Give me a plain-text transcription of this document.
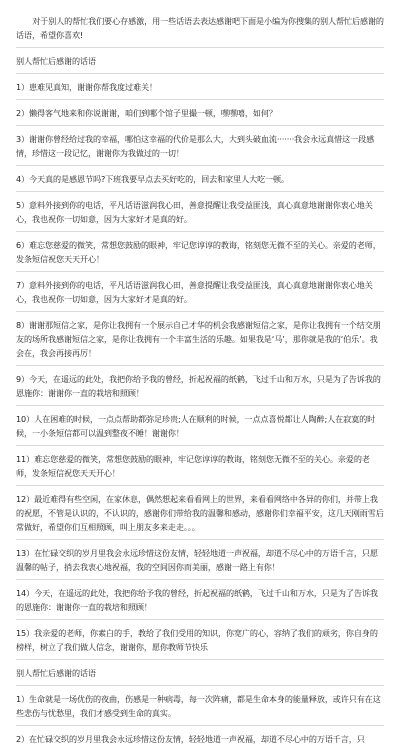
对于别人的帮忙我们要心存感激，用一些话语去表达感谢吧下面是小编为你搜集的别人帮忙后感谢的话语，希望你喜欢!

别人帮忙后感谢的话语

1）患难见真知，谢谢你帮我度过难关！

2）懒得客气地来和你说谢谢，咱们到哪个馆子里撮一顿，嘿嘿嘻，如何？

3）谢谢你曾经给过我的幸福，哪怕这幸福的代价是那么大，大到头破血流·······我会永远真惜这一段感情，珍惜这一段记忆，谢谢你为我做过的一切！

4）今天真的是感恩节吗?下班我要早点去买好吃的，回去和家里人大吃一顿。

5）意料外接到你的电话，平凡话语滋润我心田，善意提醒让我受益匪浅，真心真意地谢谢你衷心地关心，我也祝你一切如意，因为大家好才是真的好。

6）难忘您慈爱的微笑，常想您鼓励的眼神，牢记您谆谆的教诲，铭刻您无微不至的关心。亲爱的老师，发条短信祝您天天开心！

7）意料外接到你的电话，平凡话语滋润我心田，善意提醒让我受益匪浅，真心真意地谢谢你衷心地关心，我也祝你一切如意，因为大家好才是真的好。

8）谢谢那短信之家，是你让我拥有一个展示自己才华的机会我感谢短信之家，是你让我拥有一个结交朋友的场所我感谢短信之家，是你让我拥有一个丰富生活的乐趣。如果我是‘马’，那你就是我的‘伯乐’。我会在，我会再接再厉！

9）今天，在遥远的此处，我把你给予我的曾经，折起祝福的纸鹤，飞过千山和万水，只是为了告诉我的恩施你：谢谢你一直的栽培和照顾！

10）人在困难的时候，一点点帮助都弥足珍贵;人在顺利的时候，一点点喜悦都让人陶醉;人在寂寞的时候，一小条短信都可以温到整夜不睡！谢谢你！

11）难忘您慈爱的微笑，常想您鼓励的眼神，牢记您谆谆的教诲，铭刻您无微不至的关心。亲爱的老师，发条短信祝您天天开心！

12）最近难得有些空闲，在家休息，偶然想起来看看网上的世界，来看看网络中各异的你们，并带上我的祝愿，不管是认识的，不认识的，感谢你们带给我的温馨和感动，感谢你们幸福平安，这几天刚雨雪后常做好，希望你们互相照顾，叫上朋友多来走走。。。

13）在忙碌交织的岁月里我会永远珍惜这份友情，轻轻地道一声祝福，却道不尽心中的万语千言，只愿温馨的帖子，捎去我衷心地祝福，我的空间因你而美丽，感谢一路上有你！

14）今天，在遥远的此处，我把你给予我的曾经，折起祝福的纸鹤，飞过千山和万水，只是为了告诉我的恩施你：谢谢你一直的栽培和照顾！

15）我亲爱的老师，你素白的手，教给了我们受用的知识，你宽广的心，容纳了我们的顽劣，你自身的榜样，树立了我们做人信念，谢谢你，愿你教师节快乐

别人帮忙后感谢的话语

1）生命就是一场优伤的夜曲，伤感是一种病毒，每一次阵痛，都是生命本身的能量释放，或许只有在这些悲伤与忧愁里，我们才感受到生命的真实。

2）在忙碌交织的岁月里我会永远珍惜这份友情，轻轻地道一声祝福，却道不尽心中的万语千言，只
